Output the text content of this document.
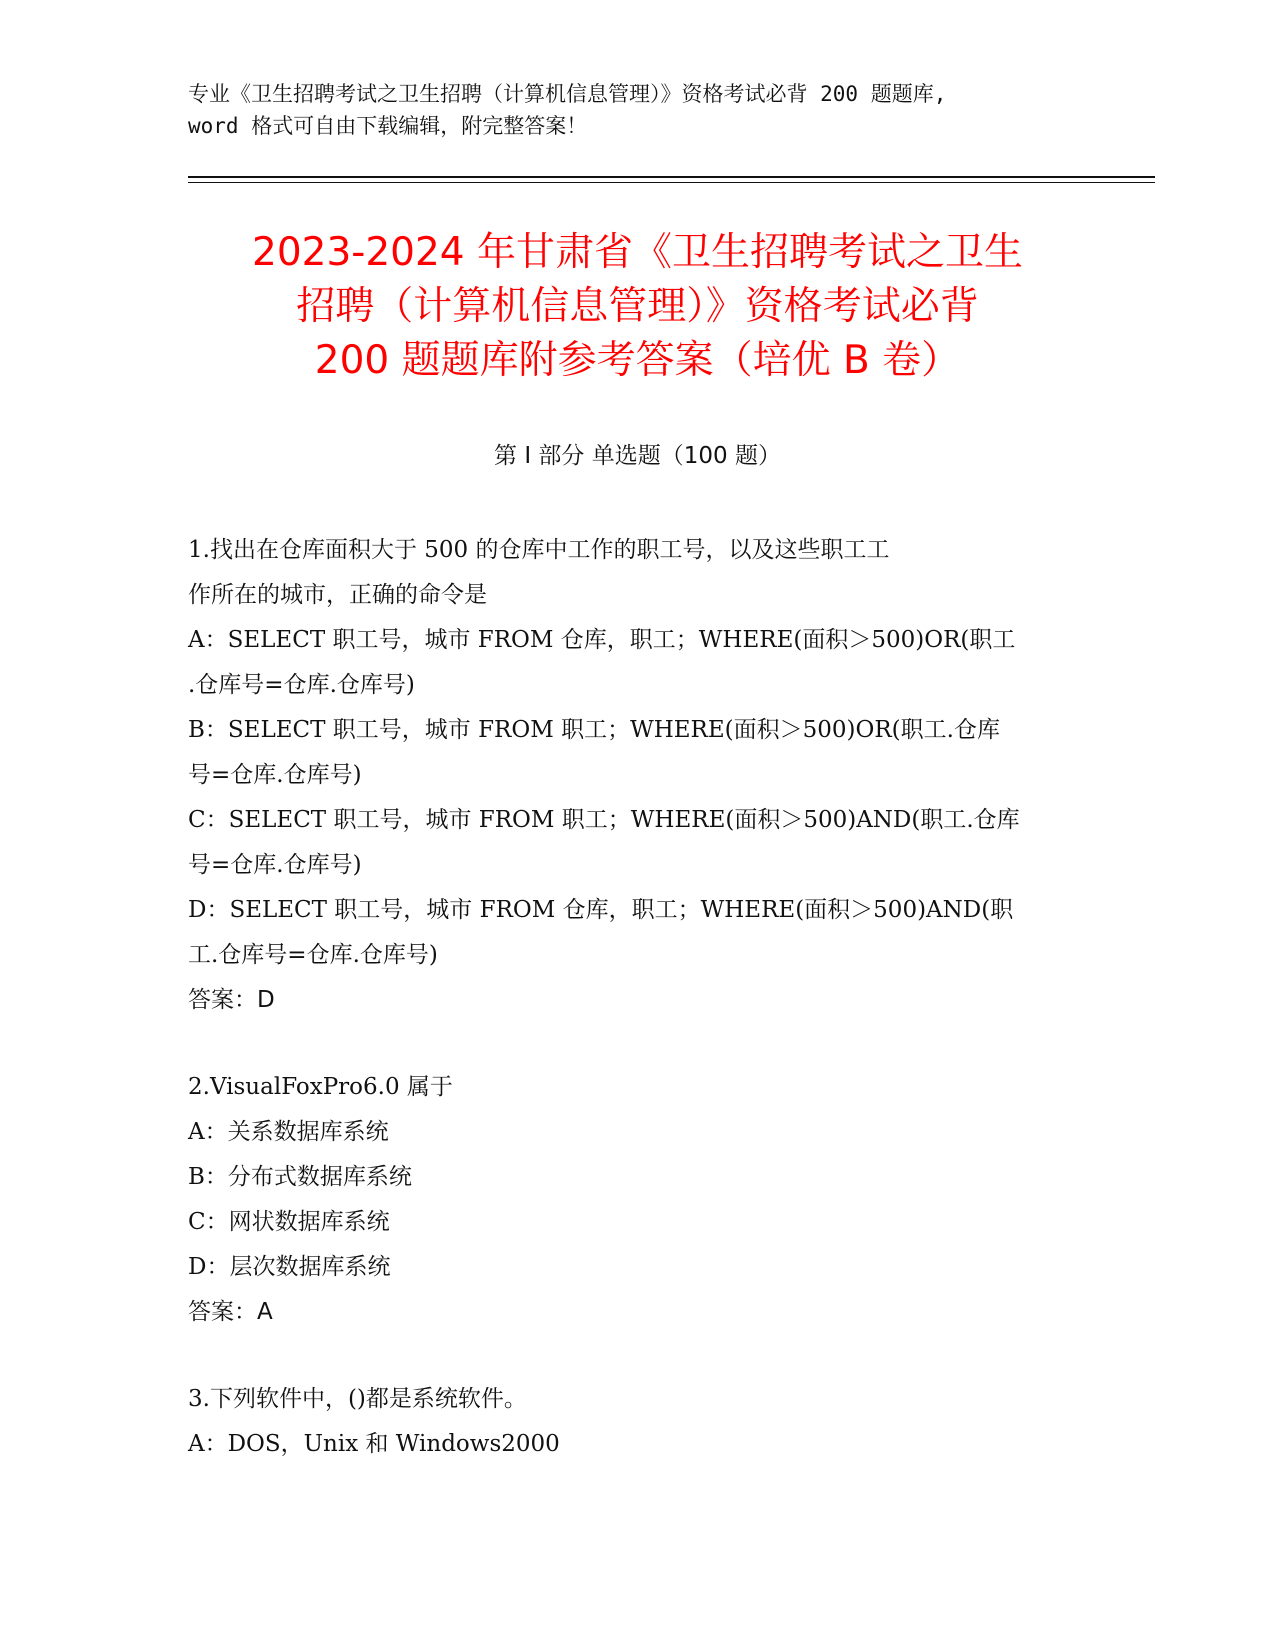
专业《卫生招聘考试之卫生招聘（计算机信息管理）》资格考试必背 200 题题库,
word 格式可自由下载编辑，附完整答案！
2023-2024 年甘肃省《卫生招聘考试之卫生
招聘（计算机信息管理）》资格考试必背
200 题题库附参考答案（培优 B 卷）
第 I 部分 单选题（100 题）
1.找出在仓库面积大于 500 的仓库中工作的职工号，以及这些职工工
作所在的城市，正确的命令是
A：SELECT 职工号，城市 FROM 仓库，职工；WHERE(面积＞500)OR(职工
.仓库号=仓库.仓库号)
B：SELECT 职工号，城市 FROM 职工；WHERE(面积＞500)OR(职工.仓库
号=仓库.仓库号)
C：SELECT 职工号，城市 FROM 职工；WHERE(面积＞500)AND(职工.仓库
号=仓库.仓库号)
D：SELECT 职工号，城市 FROM 仓库，职工；WHERE(面积＞500)AND(职
工.仓库号=仓库.仓库号)
答案：D
2.VisualFoxPro6.0 属于
A：关系数据库系统
B：分布式数据库系统
C：网状数据库系统
D：层次数据库系统
答案：A
3.下列软件中，()都是系统软件。
A：DOS，Unix 和 Windows2000
